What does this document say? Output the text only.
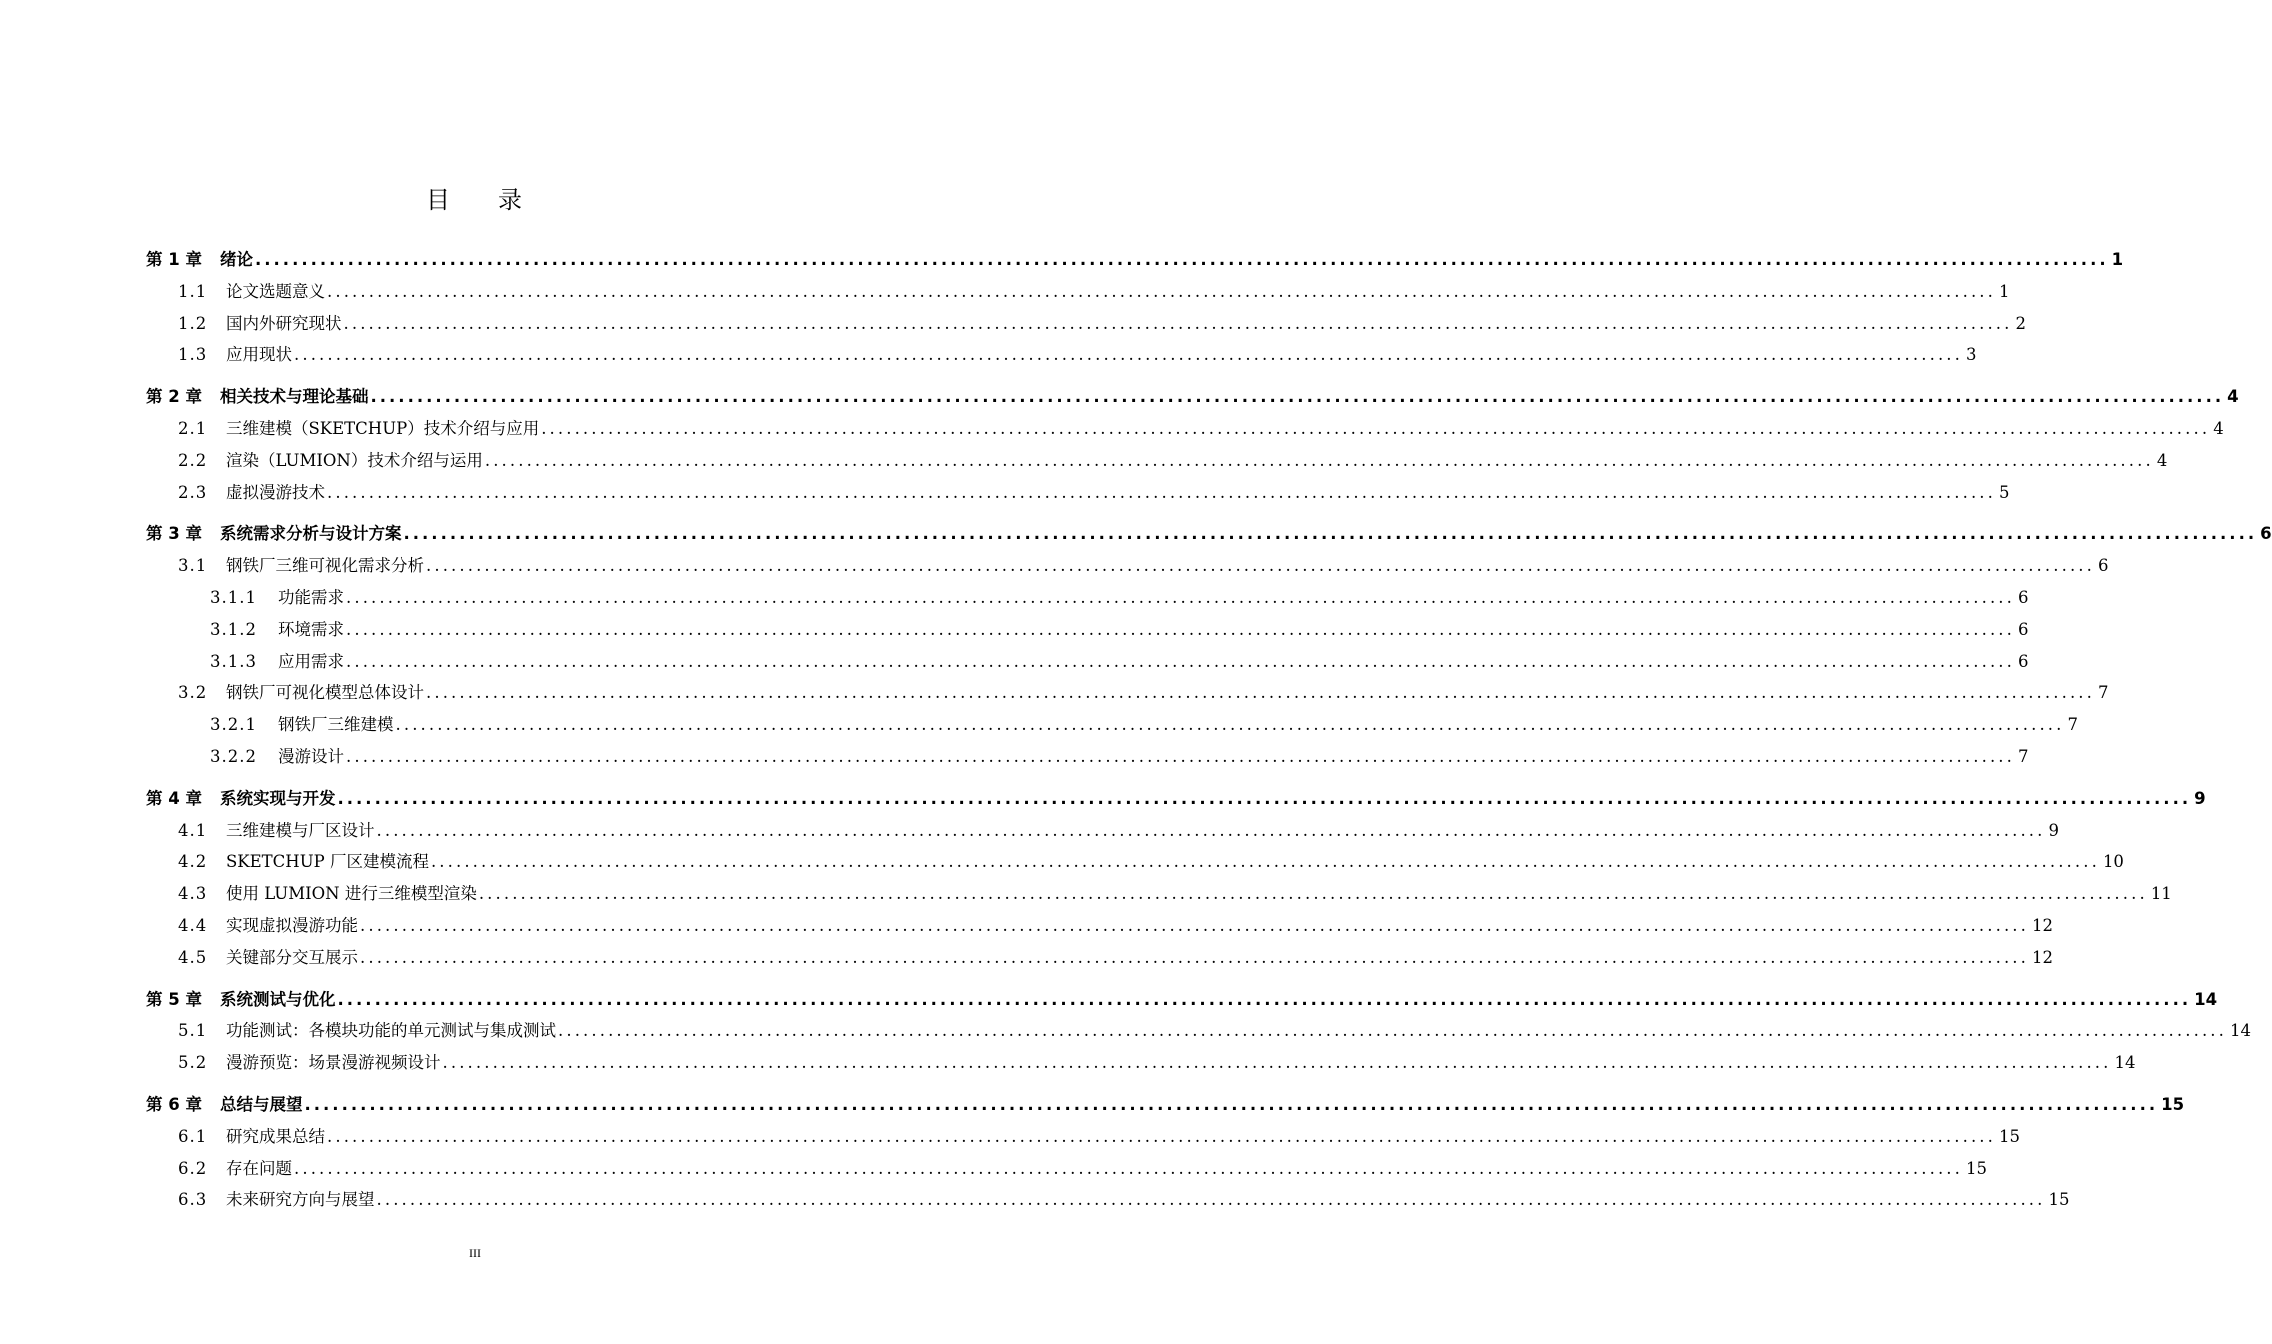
目 录
第 1 章	绪论 ........................................................................................................................................................................................................ 1
1.1	论文选题意义 ........................................................................................................................................................................................................ 1
1.2	国内外研究现状 ........................................................................................................................................................................................................ 2
1.3	应用现状 ........................................................................................................................................................................................................ 3
第 2 章	相关技术与理论基础 ........................................................................................................................................................................................................ 4
2.1	三维建模（SKETCHUP）技术介绍与应用 ........................................................................................................................................................................................................ 4
2.2	渲染（LUMION）技术介绍与运用 ........................................................................................................................................................................................................ 4
2.3	虚拟漫游技术 ........................................................................................................................................................................................................ 5
第 3 章	系统需求分析与设计方案 ........................................................................................................................................................................................................ 6
3.1	钢铁厂三维可视化需求分析 ........................................................................................................................................................................................................ 6
3.1.1	功能需求 ........................................................................................................................................................................................................ 6
3.1.2	环境需求 ........................................................................................................................................................................................................ 6
3.1.3	应用需求 ........................................................................................................................................................................................................ 6
3.2	钢铁厂可视化模型总体设计 ........................................................................................................................................................................................................ 7
3.2.1	钢铁厂三维建模 ........................................................................................................................................................................................................ 7
3.2.2	漫游设计 ........................................................................................................................................................................................................ 7
第 4 章	系统实现与开发 ........................................................................................................................................................................................................ 9
4.1	三维建模与厂区设计 ........................................................................................................................................................................................................ 9
4.2	SKETCHUP 厂区建模流程 ........................................................................................................................................................................................................ 10
4.3	使用 LUMION 进行三维模型渲染 ........................................................................................................................................................................................................ 11
4.4	实现虚拟漫游功能 ........................................................................................................................................................................................................ 12
4.5	关键部分交互展示 ........................................................................................................................................................................................................ 12
第 5 章	系统测试与优化 ........................................................................................................................................................................................................ 14
5.1	功能测试：各模块功能的单元测试与集成测试 ........................................................................................................................................................................................................ 14
5.2	漫游预览：场景漫游视频设计 ........................................................................................................................................................................................................ 14
第 6 章	总结与展望 ........................................................................................................................................................................................................ 15
6.1	研究成果总结 ........................................................................................................................................................................................................ 15
6.2	存在问题 ........................................................................................................................................................................................................ 15
6.3	未来研究方向与展望 ........................................................................................................................................................................................................ 15
III
